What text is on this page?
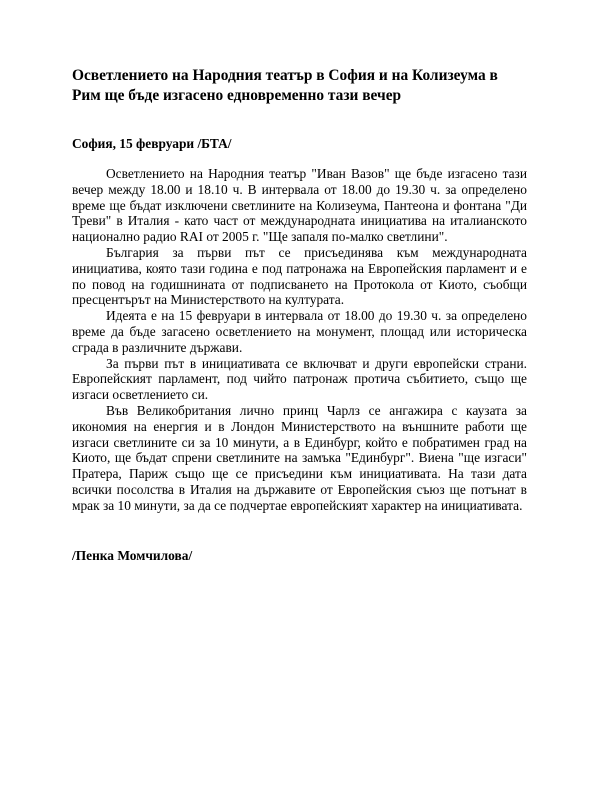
Осветлението на Народния театър в София и на Колизеума в Рим ще бъде изгасено едновременно тази вечер

София, 15 февруари /БТА/

Осветлението на Народния театър "Иван Вазов" ще бъде изгасено тази вечер между 18.00 и 18.10 ч. В интервала от 18.00 до 19.30 ч. за определено време ще бъдат изключени светлините на Колизеума, Пантеона и фонтана "Ди Треви" в Италия - като част от международната инициатива на италианското национално радио RAI от 2005 г. "Ще запаля по-малко светлини".

България за първи път се присъединява към международната инициатива, която тази година е под патронажа на Европейския парламент и е по повод на годишнината от подписването на Протокола от Киото, съобщи пресцентърът на Министерството на културата.

Идеята е на 15 февруари в интервала от 18.00 до 19.30 ч. за определено време да бъде загасено осветлението на монумент, площад или историческа сграда в различните държави.

За първи път в инициативата се включват и други европейски страни. Европейският парламент, под чийто патронаж протича събитието, също ще изгаси осветлението си.

Във Великобритания лично принц Чарлз се ангажира с каузата за икономия на енергия и в Лондон Министерството на външните работи ще изгаси светлините си за 10 минути, а в Единбург, който е побратимен град на Киото, ще бъдат спрени светлините на замъка "Единбург". Виена "ще изгаси" Пратера, Париж също ще се присъедини към инициативата. На тази дата всички посолства в Италия на държавите от Европейския съюз ще потънат в мрак за 10 минути, за да се подчертае европейският характер на инициативата.

/Пенка Момчилова/
